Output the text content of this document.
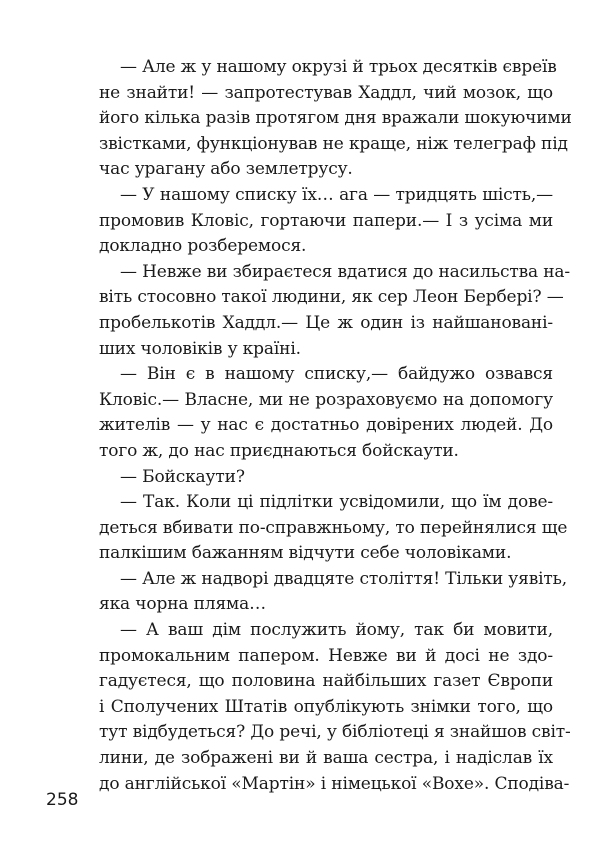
— Але ж у нашому окрузі й трьох десятків євреїв
не знайти! — запротестував Хаддл, чий мозок, що
його кілька разів протягом дня вражали шокуючими
звістками, функціонував не краще, ніж телеграф під
час урагану або землетрусу.
— У нашому списку їх… ага — тридцять шість,—
промовив Кловіс, гортаючи папери.— І з усіма ми
докладно розберемося.
— Невже ви збираєтеся вдатися до насильства на-
віть стосовно такої людини, як сер Леон Берберi? —
пробелькотів Хаддл.— Це ж один із найшанованi-
ших чоловіків у країні.
— Він є в нашому списку,— байдужо озвався
Кловіс.— Власне, ми не розраховуємо на допомогу
жителів — у нас є достатньо довірених людей. До
того ж, до нас приєднаються бойскаути.
— Бойскаути?
— Так. Коли ці підлітки усвідомили, що їм дове-
деться вбивати по-справжньому, то перейнялися ще
палкішим бажанням відчути себе чоловіками.
— Але ж надворі двадцяте століття! Тільки уявіть,
яка чорна пляма…
— А ваш дім послужить йому, так би мовити,
промокальним папером. Невже ви й досі не здо-
гадуєтеся, що половина найбільших газет Європи
і Сполучених Штатів опублікують знімки того, що
тут відбудеться? До речі, у бібліотеці я знайшов світ-
лини, де зображені ви й ваша сестра, і надіслав їх
до англійської «Мартін» і німецької «Вохе». Сподіва-
258
